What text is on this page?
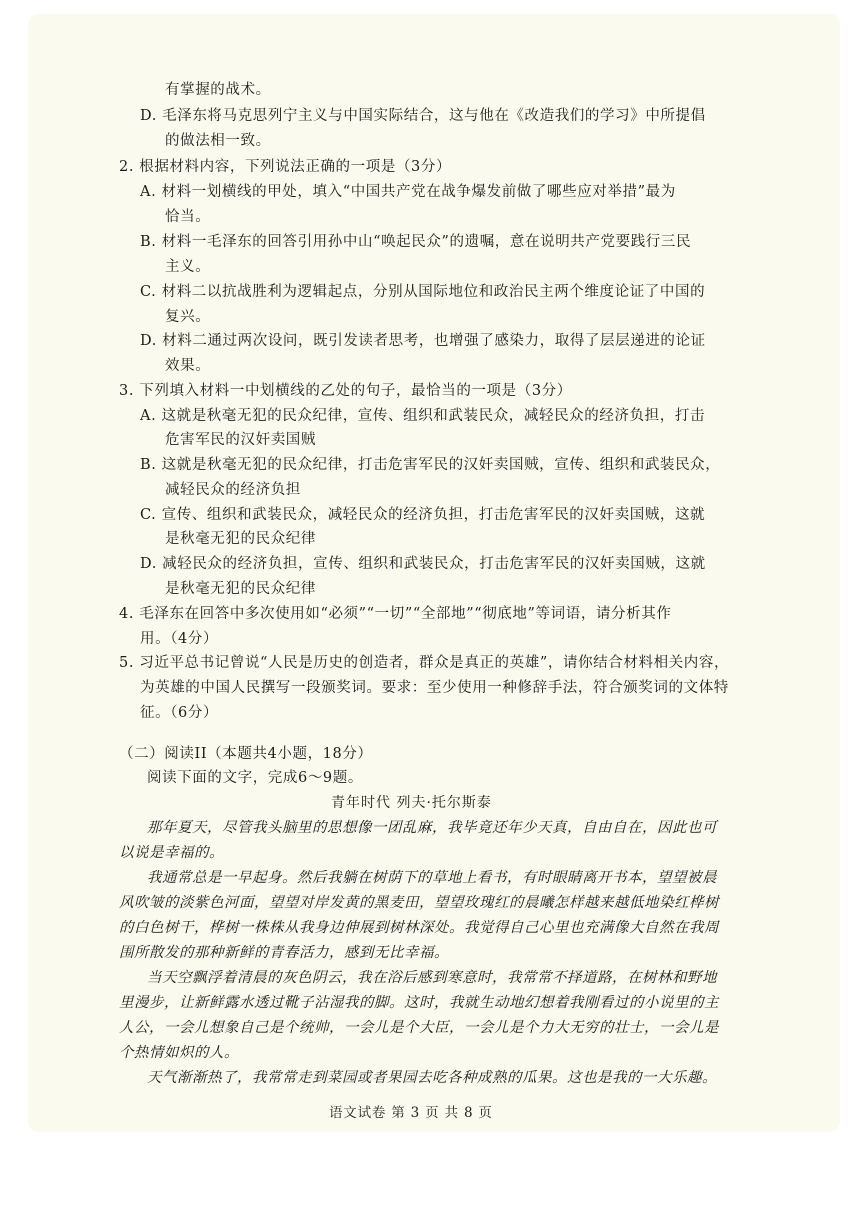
有掌握的战术。
D. 毛泽东将马克思列宁主义与中国实际结合，这与他在《改造我们的学习》中所提倡
的做法相一致。
2. 根据材料内容，下列说法正确的一项是（3分）
A. 材料一划横线的甲处，填入“中国共产党在战争爆发前做了哪些应对举措”最为
恰当。
B. 材料一毛泽东的回答引用孙中山“唤起民众”的遗嘱，意在说明共产党要践行三民
主义。
C. 材料二以抗战胜利为逻辑起点，分别从国际地位和政治民主两个维度论证了中国的
复兴。
D. 材料二通过两次设问，既引发读者思考，也增强了感染力，取得了层层递进的论证
效果。
3. 下列填入材料一中划横线的乙处的句子，最恰当的一项是（3分）
A. 这就是秋毫无犯的民众纪律，宣传、组织和武装民众，减轻民众的经济负担，打击
危害军民的汉奸卖国贼
B. 这就是秋毫无犯的民众纪律，打击危害军民的汉奸卖国贼，宣传、组织和武装民众，
减轻民众的经济负担
C. 宣传、组织和武装民众，减轻民众的经济负担，打击危害军民的汉奸卖国贼，这就
是秋毫无犯的民众纪律
D. 减轻民众的经济负担，宣传、组织和武装民众，打击危害军民的汉奸卖国贼，这就
是秋毫无犯的民众纪律
4. 毛泽东在回答中多次使用如“必须”“一切”“全部地”“彻底地”等词语，请分析其作
用。（4分）
5. 习近平总书记曾说“人民是历史的创造者，群众是真正的英雄”，请你结合材料相关内容，
为英雄的中国人民撰写一段颁奖词。要求：至少使用一种修辞手法，符合颁奖词的文体特
征。（6分）
（二）阅读II（本题共4小题，18分）
阅读下面的文字，完成6～9题。
青年时代 列夫·托尔斯泰
那年夏天，尽管我头脑里的思想像一团乱麻，我毕竟还年少天真，自由自在，因此也可
以说是幸福的。
我通常总是一早起身。然后我躺在树荫下的草地上看书，有时眼睛离开书本，望望被晨
风吹皱的淡紫色河面，望望对岸发黄的黑麦田，望望玫瑰红的晨曦怎样越来越低地染红桦树
的白色树干，桦树一株株从我身边伸展到树林深处。我觉得自己心里也充满像大自然在我周
围所散发的那种新鲜的青春活力，感到无比幸福。
当天空飘浮着清晨的灰色阴云，我在浴后感到寒意时，我常常不择道路，在树林和野地
里漫步，让新鲜露水透过靴子沾湿我的脚。这时，我就生动地幻想着我刚看过的小说里的主
人公，一会儿想象自己是个统帅，一会儿是个大臣，一会儿是个力大无穷的壮士，一会儿是
个热情如炽的人。
天气渐渐热了，我常常走到菜园或者果园去吃各种成熟的瓜果。这也是我的一大乐趣。
语文试卷 第 3 页 共 8 页
